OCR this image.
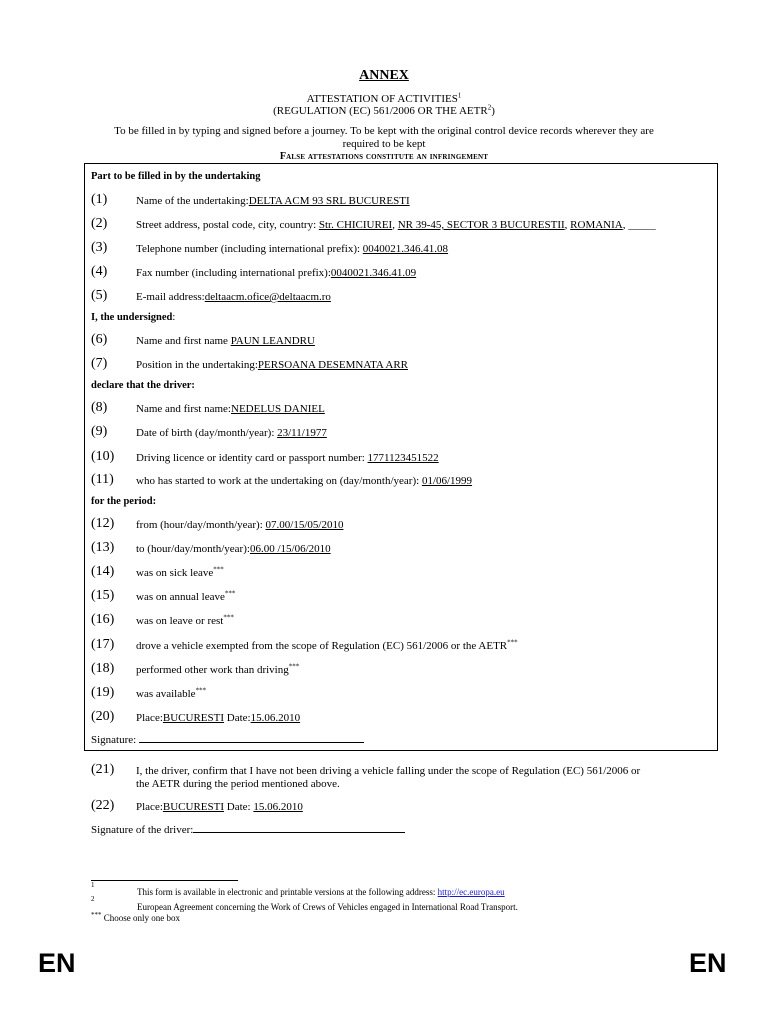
ANNEX
ATTESTATION OF ACTIVITIES$^1$
(REGULATION (EC) 561/2006 OR THE AETR$^2$)
To be filled in by typing and signed before a journey. To be kept with the original control device records wherever they are
required to be kept
False attestations constitute an infringement
Part to be filled in by the undertaking
(1)	Name of the undertaking:DELTA ACM 93 SRL BUCURESTI
(2)	Street address, postal code, city, country: Str. CHICIUREI, NR 39-45, SECTOR 3 BUCURESTII, ROMANIA, _____
(3)	Telephone number (including international prefix): 0040021.346.41.08
(4)	Fax number (including international prefix):0040021.346.41.09
(5)	E-mail address:deltaacm.ofice@deltaacm.ro
I, the undersigned:
(6)	Name and first name PAUN LEANDRU
(7)	Position in the undertaking:PERSOANA DESEMNATA ARR
declare that the driver:
(8)	Name and first name:NEDELUS DANIEL
(9)	Date of birth (day/month/year): 23/11/1977
(10) Driving licence or identity card or passport number: 1771123451522
(11) who has started to work at the undertaking on (day/month/year): 01/06/1999
for the period:
(12) from (hour/day/month/year): 07.00/15/05/2010
(13) to (hour/day/month/year):06.00 /15/06/2010
(14) was on sick leave***
(15) was on annual leave***
(16) was on leave or rest***
(17) drove a vehicle exempted from the scope of Regulation (EC) 561/2006 or the AETR***
(18) performed other work than driving***
(19) was available***
(20) Place:BUCURESTI Date:15.06.2010
Signature:
(21) I, the driver, confirm that I have not been driving a vehicle falling under the scope of Regulation (EC) 561/2006 or
the AETR during the period mentioned above.
(22) Place:BUCURESTI Date: 15.06.2010
Signature of the driver:
$^1$
This form is available in electronic and printable versions at the following address: http://ec.europa.eu
$^2$
European Agreement concerning the Work of Crews of Vehicles engaged in International Road Transport.
*** Choose only one box
EN	EN
